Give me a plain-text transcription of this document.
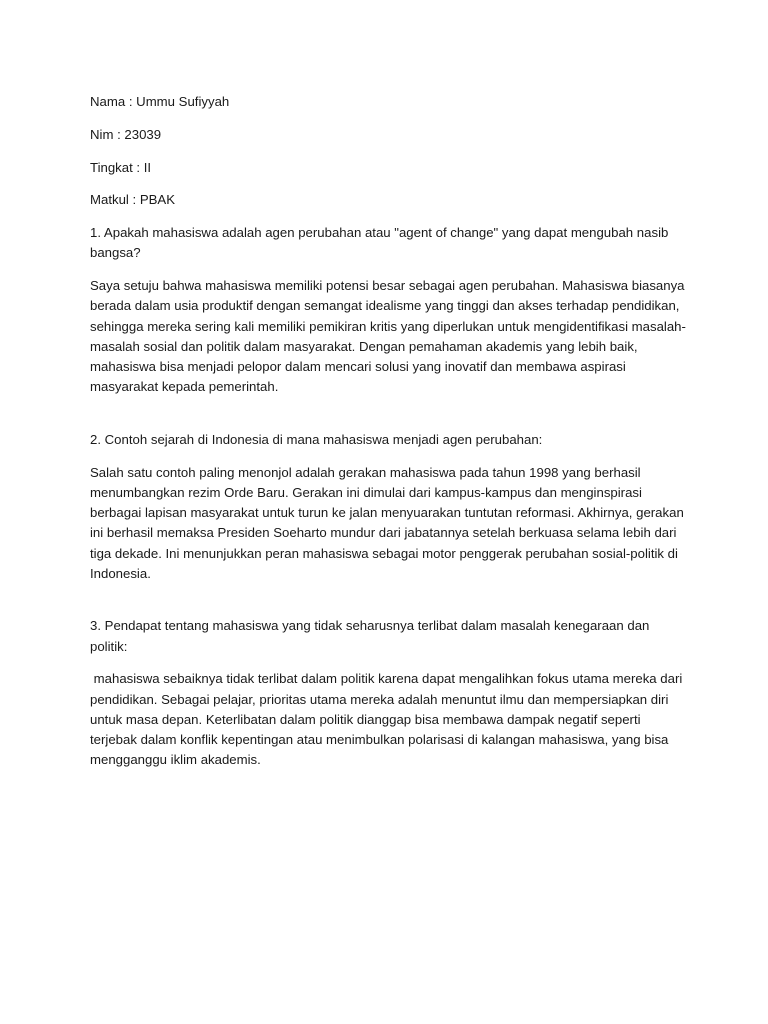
Nama : Ummu Sufiyyah

Nim : 23039

Tingkat : II

Matkul : PBAK

1. Apakah mahasiswa adalah agen perubahan atau "agent of change" yang dapat mengubah nasib bangsa?

Saya setuju bahwa mahasiswa memiliki potensi besar sebagai agen perubahan. Mahasiswa biasanya berada dalam usia produktif dengan semangat idealisme yang tinggi dan akses terhadap pendidikan, sehingga mereka sering kali memiliki pemikiran kritis yang diperlukan untuk mengidentifikasi masalah-masalah sosial dan politik dalam masyarakat. Dengan pemahaman akademis yang lebih baik, mahasiswa bisa menjadi pelopor dalam mencari solusi yang inovatif dan membawa aspirasi masyarakat kepada pemerintah.

2. Contoh sejarah di Indonesia di mana mahasiswa menjadi agen perubahan:

Salah satu contoh paling menonjol adalah gerakan mahasiswa pada tahun 1998 yang berhasil menumbangkan rezim Orde Baru. Gerakan ini dimulai dari kampus-kampus dan menginspirasi berbagai lapisan masyarakat untuk turun ke jalan menyuarakan tuntutan reformasi. Akhirnya, gerakan ini berhasil memaksa Presiden Soeharto mundur dari jabatannya setelah berkuasa selama lebih dari tiga dekade. Ini menunjukkan peran mahasiswa sebagai motor penggerak perubahan sosial-politik di Indonesia.

3. Pendapat tentang mahasiswa yang tidak seharusnya terlibat dalam masalah kenegaraan dan politik:

mahasiswa sebaiknya tidak terlibat dalam politik karena dapat mengalihkan fokus utama mereka dari pendidikan. Sebagai pelajar, prioritas utama mereka adalah menuntut ilmu dan mempersiapkan diri untuk masa depan. Keterlibatan dalam politik dianggap bisa membawa dampak negatif seperti terjebak dalam konflik kepentingan atau menimbulkan polarisasi di kalangan mahasiswa, yang bisa mengganggu iklim akademis.
